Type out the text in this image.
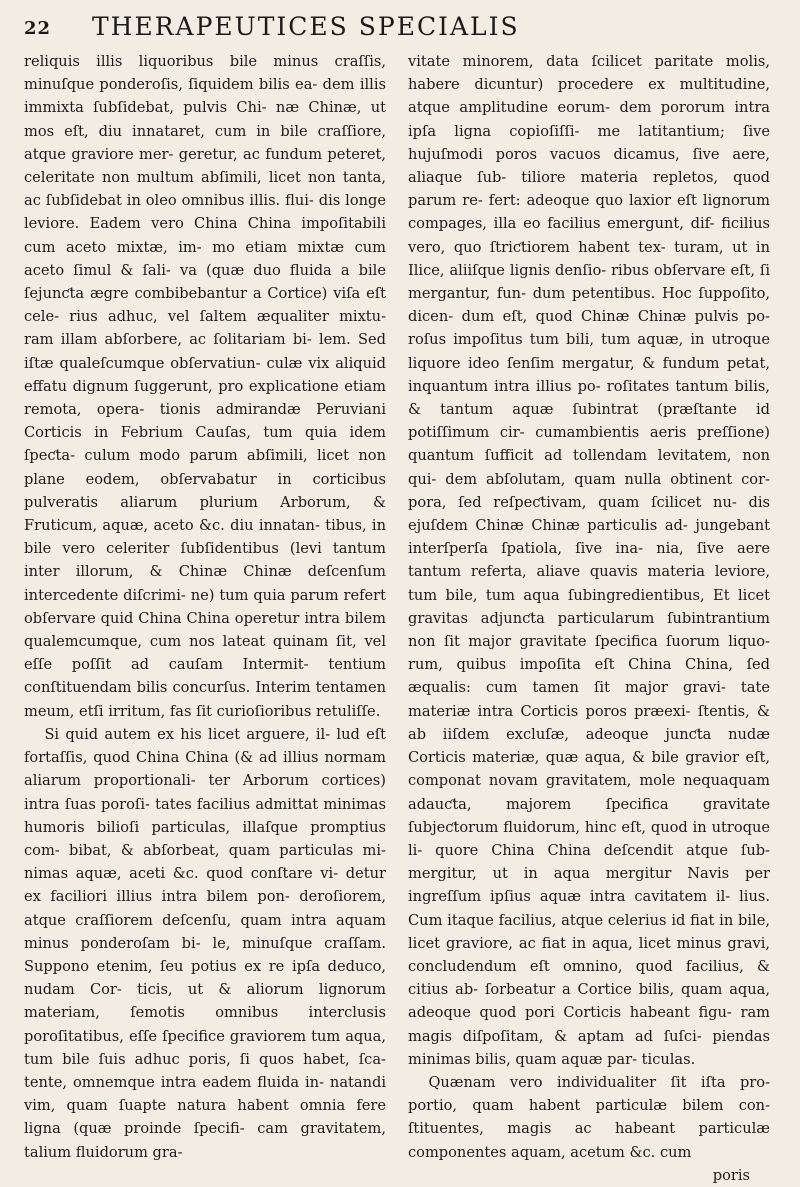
22 THERAPEUTICES SPECIALIS

reliquis illis liquoribus bile minus craſſis, minuſque ponderoſis, ſiquidem bilis ea- dem illis immixta ſubſidebat, pulvis Chi- næ Chinæ, ut mos eſt, diu innataret, cum in bile craſſiore, atque graviore mer- geretur, ac fundum peteret, celeritate non multum abſimili, licet non tanta, ac ſubſidebat in oleo omnibus illis. flui- dis longe leviore. Eadem vero China China impoſitabili cum aceto mixtæ, im- mo etiam mixtæ cum aceto ſimul & ſali- va (quæ duo fluida a bile ſejunƈta ægre combibebantur a Cortice) viſa eſt cele- rius adhuc, vel ſaltem æqualiter mixtu- ram illam abſorbere, ac ſolitariam bi- lem. Sed iſtæ qualeſcumque obſervatiun- culæ vix aliquid effatu dignum ſuggerunt, pro explicatione etiam remota, opera- tionis admirandæ Peruviani Corticis in Febrium Cauſas, tum quia idem ſpeƈta- culum modo parum abſimili, licet non plane eodem, obſervabatur in corticibus pulveratis aliarum plurium Arborum, & Fruticum, aquæ, aceto &c. diu innatan- tibus, in bile vero celeriter ſubſidentibus (levi tantum inter illorum, & Chinæ Chinæ deſcenſum intercedente diſcrimi- ne) tum quia parum refert obſervare quid China China operetur intra bilem qualemcumque, cum nos lateat quinam ſit, vel eſſe poſſit ad cauſam Intermit- tentium conſtituendam bilis concurſus. Interim tentamen meum, etſi irritum, fas ſit curioſioribus retuliſſe.

Si quid autem ex his licet arguere, il- lud eſt fortaſſis, quod China China (& ad illius normam aliarum proportionali- ter Arborum cortices) intra ſuas poroſi- tates facilius admittat minimas humoris bilioſi particulas, illaſque promptius com- bibat, & abſorbeat, quam particulas mi- nimas aquæ, aceti &c. quod conſtare vi- detur ex faciliori illius intra bilem pon- deroſiorem, atque craſſiorem deſcenſu, quam intra aquam minus ponderoſam bi- le, minuſque craſſam. Suppono etenim, ſeu potius ex re ipſa deduco, nudam Cor- ticis, ut & aliorum lignorum materiam, ſemotis omnibus interclusis poroſitatibus, eſſe ſpecifice graviorem tum aqua, tum bile ſuis adhuc poris, ſi quos habet, ſca- tente, omnemque intra eadem fluida in- natandi vim, quam ſuapte natura habent omnia fere ligna (quæ proinde ſpecifi- cam gravitatem, talium fluidorum gra-

vitate minorem, data ſcilicet paritate molis, habere dicuntur) procedere ex multitudine, atque amplitudine eorum- dem pororum intra ipſa ligna copioſiſſi- me latitantium; ſive hujuſmodi poros vacuos dicamus, ſive aere, aliaque ſub- tiliore materia repletos, quod parum re- fert: adeoque quo laxior eſt lignorum compages, illa eo facilius emergunt, dif- ficilius vero, quo ſtriƈtiorem habent tex- turam, ut in Ilice, aliiſque lignis denſio- ribus obſervare eſt, ſi mergantur, fun- dum petentibus. Hoc ſuppoſito, dicen- dum eſt, quod Chinæ Chinæ pulvis po- roſus impoſitus tum bili, tum aquæ, in utroque liquore ideo ſenſim mergatur, & fundum petat, inquantum intra illius po- roſitates tantum bilis, & tantum aquæ ſubintrat (præſtante id potiſſimum cir- cumambientis aeris preſſione) quantum ſufficit ad tollendam levitatem, non qui- dem abſolutam, quam nulla obtinent cor- pora, ſed reſpeƈtivam, quam ſcilicet nu- dis ejuſdem Chinæ Chinæ particulis ad- jungebant interſperſa ſpatiola, ſive ina- nia, ſive aere tantum referta, aliave quavis materia leviore, tum bile, tum aqua ſubingredientibus, Et licet gravitas adjunƈta particularum ſubintrantium non ſit major gravitate ſpecifica ſuorum liquo- rum, quibus impoſita eſt China China, ſed æqualis: cum tamen ſit major gravi- tate materiæ intra Corticis poros præexi- ſtentis, & ab iiſdem excluſæ, adeoque junƈta nudæ Corticis materiæ, quæ aqua, & bile gravior eſt, componat novam gravitatem, mole nequaquam adauƈta, majorem ſpecifica gravitate ſubjeƈtorum fluidorum, hinc eſt, quod in utroque li- quore China China deſcendit atque ſub- mergitur, ut in aqua mergitur Navis per ingreſſum ipſius aquæ intra cavitatem il- lius. Cum itaque facilius, atque celerius id fiat in bile, licet graviore, ac fiat in aqua, licet minus gravi, concludendum eſt omnino, quod facilius, & citius ab- ſorbeatur a Cortice bilis, quam aqua, adeoque quod pori Corticis habeant figu- ram magis diſpoſitam, & aptam ad ſuſci- piendas minimas bilis, quam aquæ par- ticulas.

Quænam vero individualiter ſit iſta pro- portio, quam habent particulæ bilem con- ſtituentes, magis ac habeant particulæ componentes aquam, acetum &c. cum

poris
